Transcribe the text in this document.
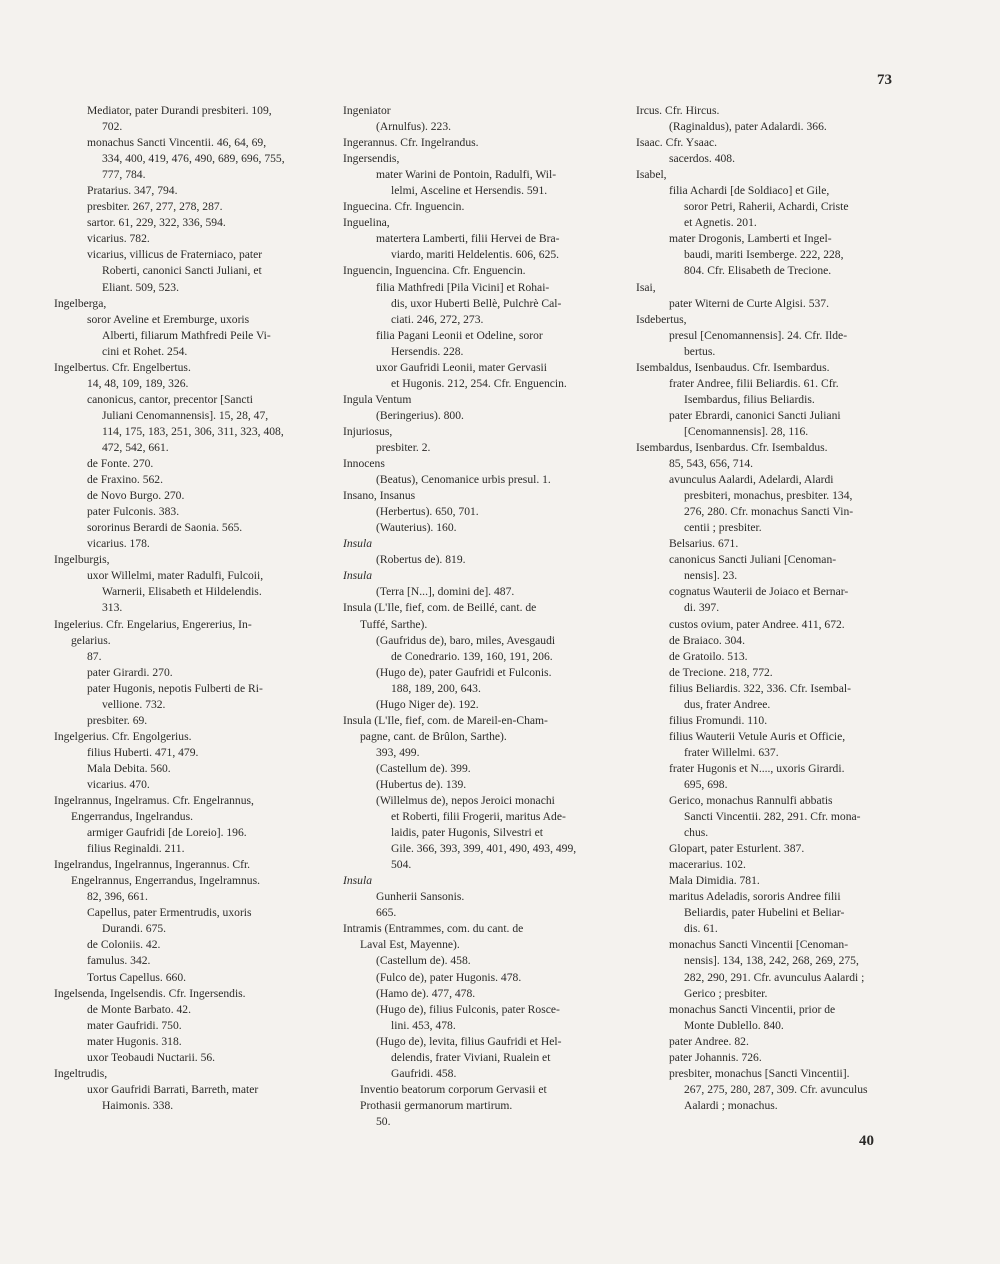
73
Mediator, pater Durandi presbiteri. 109,
702.
monachus Sancti Vincentii. 46, 64, 69,
334, 400, 419, 476, 490, 689, 696, 755,
777, 784.
Pratarius. 347, 794.
presbiter. 267, 277, 278, 287.
sartor. 61, 229, 322, 336, 594.
vicarius. 782.
vicarius, villicus de Fraterniaco, pater
Roberti, canonici Sancti Juliani, et
Eliant. 509, 523.
Ingelberga,
soror Aveline et Eremburge, uxoris
Alberti, filiarum Mathfredi Peile Vi-
cini et Rohet. 254.
Ingelbertus. Cfr. Engelbertus.
14, 48, 109, 189, 326.
canonicus, cantor, precentor [Sancti
Juliani Cenomannensis]. 15, 28, 47,
114, 175, 183, 251, 306, 311, 323, 408,
472, 542, 661.
de Fonte. 270.
de Fraxino. 562.
de Novo Burgo. 270.
pater Fulconis. 383.
sororinus Berardi de Saonia. 565.
vicarius. 178.
Ingelburgis,
uxor Willelmi, mater Radulfi, Fulcoii,
Warnerii, Elisabeth et Hildelendis.
313.
Ingelerius. Cfr. Engelarius, Engererius, In-
gelarius.
87.
pater Girardi. 270.
pater Hugonis, nepotis Fulberti de Ri-
vellione. 732.
presbiter. 69.
Ingelgerius. Cfr. Engolgerius.
filius Huberti. 471, 479.
Mala Debita. 560.
vicarius. 470.
Ingelrannus, Ingelramus. Cfr. Engelrannus,
Engerrandus, Ingelrandus.
armiger Gaufridi [de Loreio]. 196.
filius Reginaldi. 211.
Ingelrandus, Ingelrannus, Ingerannus. Cfr.
Engelrannus, Engerrandus, Ingelramnus.
82, 396, 661.
Capellus, pater Ermentrudis, uxoris
Durandi. 675.
de Coloniis. 42.
famulus. 342.
Tortus Capellus. 660.
Ingelsenda, Ingelsendis. Cfr. Ingersendis.
de Monte Barbato. 42.
mater Gaufridi. 750.
mater Hugonis. 318.
uxor Teobaudi Nuctarii. 56.
Ingeltrudis,
uxor Gaufridi Barrati, Barreth, mater
Haimonis. 338.
Ingeniator
(Arnulfus). 223.
Ingerannus. Cfr. Ingelrandus.
Ingersendis,
mater Warini de Pontoin, Radulfi, Wil-
lelmi, Asceline et Hersendis. 591.
Inguecina. Cfr. Inguencin.
Inguelina,
matertera Lamberti, filii Hervei de Bra-
viardo, mariti Heldelentis. 606, 625.
Inguencin, Inguencina. Cfr. Enguencin.
filia Mathfredi [Pila Vicini] et Rohai-
dis, uxor Huberti Bellè, Pulchrè Cal-
ciati. 246, 272, 273.
filia Pagani Leonii et Odeline, soror
Hersendis. 228.
uxor Gaufridi Leonii, mater Gervasii
et Hugonis. 212, 254. Cfr. Enguencin.
Ingula Ventum
(Beringerius). 800.
Injuriosus,
presbiter. 2.
Innocens
(Beatus), Cenomanice urbis presul. 1.
Insano, Insanus
(Herbertus). 650, 701.
(Wauterius). 160.
Insula
(Robertus de). 819.
Insula
(Terra [N...], domini de]. 487.
Insula (L'Ile, fief, com. de Beillé, cant. de
Tuffé, Sarthe).
(Gaufridus de), baro, miles, Avesgaudi
de Conedrario. 139, 160, 191, 206.
(Hugo de), pater Gaufridi et Fulconis.
188, 189, 200, 643.
(Hugo Niger de). 192.
Insula (L'Ile, fief, com. de Mareil-en-Cham-
pagne, cant. de Brûlon, Sarthe).
393, 499.
(Castellum de). 399.
(Hubertus de). 139.
(Willelmus de), nepos Jeroici monachi
et Roberti, filii Frogerii, maritus Ade-
laidis, pater Hugonis, Silvestri et
Gile. 366, 393, 399, 401, 490, 493, 499,
504.
Insula
Gunherii Sansonis.
665.
Intramis (Entrammes, com. du cant. de
Laval Est, Mayenne).
(Castellum de). 458.
(Fulco de), pater Hugonis. 478.
(Hamo de). 477, 478.
(Hugo de), filius Fulconis, pater Rosce-
lini. 453, 478.
(Hugo de), levita, filius Gaufridi et Hel-
delendis, frater Viviani, Rualein et
Gaufridi. 458.
Inventio beatorum corporum Gervasii et
Prothasii germanorum martirum.
50.
Ircus. Cfr. Hircus.
(Raginaldus), pater Adalardi. 366.
Isaac. Cfr. Ysaac.
sacerdos. 408.
Isabel,
filia Achardi [de Soldiaco] et Gile,
soror Petri, Raherii, Achardi, Criste
et Agnetis. 201.
mater Drogonis, Lamberti et Ingel-
baudi, mariti Isemberge. 222, 228,
804. Cfr. Elisabeth de Trecione.
Isai,
pater Witerni de Curte Algisi. 537.
Isdebertus,
presul [Cenomannensis]. 24. Cfr. Ilde-
bertus.
Isembaldus, Isenbaudus. Cfr. Isembardus.
frater Andree, filii Beliardis. 61. Cfr.
Isembardus, filius Beliardis.
pater Ebrardi, canonici Sancti Juliani
[Cenomannensis]. 28, 116.
Isembardus, Isenbardus. Cfr. Isembaldus.
85, 543, 656, 714.
avunculus Aalardi, Adelardi, Alardi
presbiteri, monachus, presbiter. 134,
276, 280. Cfr. monachus Sancti Vin-
centii ; presbiter.
Belsarius. 671.
canonicus Sancti Juliani [Cenoman-
nensis]. 23.
cognatus Wauterii de Joiaco et Bernar-
di. 397.
custos ovium, pater Andree. 411, 672.
de Braiaco. 304.
de Gratoilo. 513.
de Trecione. 218, 772.
filius Beliardis. 322, 336. Cfr. Isembal-
dus, frater Andree.
filius Fromundi. 110.
filius Wauterii Vetule Auris et Officie,
frater Willelmi. 637.
frater Hugonis et N...., uxoris Girardi.
695, 698.
Gerico, monachus Rannulfi abbatis
Sancti Vincentii. 282, 291. Cfr. mona-
chus.
Glopart, pater Esturlent. 387.
macerarius. 102.
Mala Dimidia. 781.
maritus Adeladis, sororis Andree filii
Beliardis, pater Hubelini et Beliar-
dis. 61.
monachus Sancti Vincentii [Cenoman-
nensis]. 134, 138, 242, 268, 269, 275,
282, 290, 291. Cfr. avunculus Aalardi ;
Gerico ; presbiter.
monachus Sancti Vincentii, prior de
Monte Dublello. 840.
pater Andree. 82.
pater Johannis. 726.
presbiter, monachus [Sancti Vincentii].
267, 275, 280, 287, 309. Cfr. avunculus
Aalardi ; monachus.
40
